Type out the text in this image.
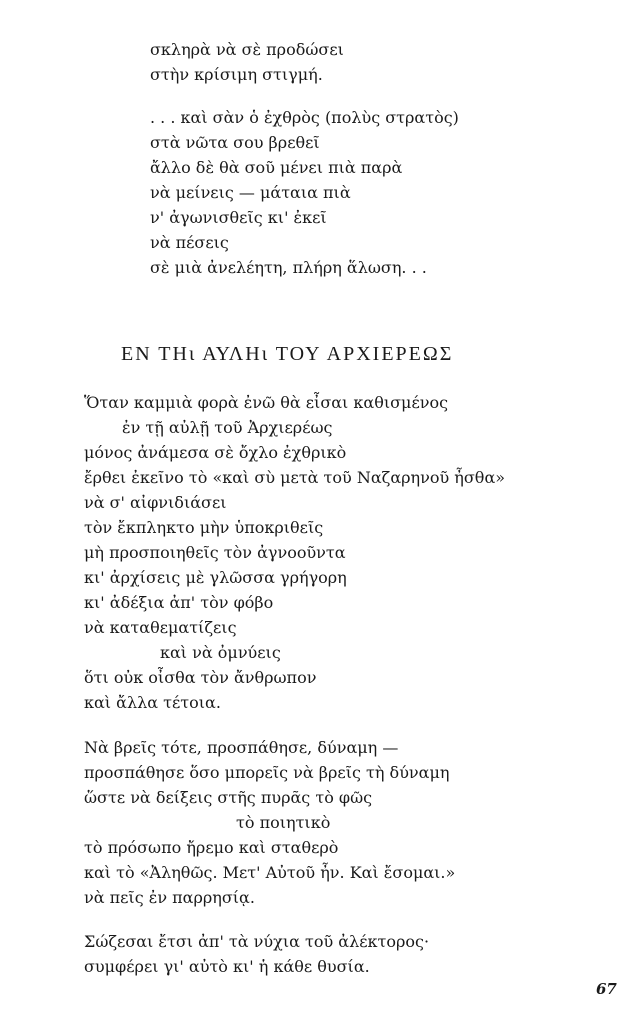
σκληρὰ νὰ σὲ προδώσει
στὴν κρίσιμη στιγμή.
. . . καὶ σὰν ὁ ἐχθρὸς (πολὺς στρατὸς)
στὰ νῶτα σου βρεθεῖ
ἄλλο δὲ θὰ σοῦ μένει πιὰ παρὰ
νὰ μείνεις — μάταια πιὰ
ν' ἀγωνισθεῖς κι' ἐκεῖ
νὰ πέσεις
σὲ μιὰ ἀνελέητη, πλήρη ἅλωση. . .
ΕΝ ΤΗι ΑΥΛΗι ΤΟΥ ΑΡΧΙΕΡΕΩΣ
Ὅταν καμμιὰ φορὰ ἐνῶ θὰ εἶσαι καθισμένος
ἐν τῇ αὐλῇ τοῦ Ἀρχιερέως
μόνος ἀνάμεσα σὲ ὄχλο ἐχθρικὸ
ἔρθει ἐκεῖνο τὸ «καὶ σὺ μετὰ τοῦ Ναζαρηνοῦ ἦσθα»
νὰ σ' αἰφνιδιάσει
τὸν ἔκπληκτο μὴν ὑποκριθεῖς
μὴ προσποιηθεῖς τὸν ἀγνοοῦντα
κι' ἀρχίσεις μὲ γλῶσσα γρήγορη
κι' ἀδέξια ἀπ' τὸν φόβο
νὰ καταθεματίζεις
καὶ νὰ ὀμνύεις
ὅτι οὐκ οἶσθα τὸν ἄνθρωπον
καὶ ἄλλα τέτοια.
Νὰ βρεῖς τότε, προσπάθησε, δύναμη —
προσπάθησε ὅσο μπορεῖς νὰ βρεῖς τὴ δύναμη
ὥστε νὰ δείξεις στῆς πυρᾶς τὸ φῶς
τὸ ποιητικὸ
τὸ πρόσωπο ἤρεμο καὶ σταθερὸ
καὶ τὸ «Ἀληθῶς. Μετ' Αὐτοῦ ἦν. Καὶ ἔσομαι.»
νὰ πεῖς ἐν παρρησίᾳ.
Σώζεσαι ἔτσι ἀπ' τὰ νύχια τοῦ ἀλέκτορος·
συμφέρει γι' αὐτὸ κι' ἡ κάθε θυσία.
67
